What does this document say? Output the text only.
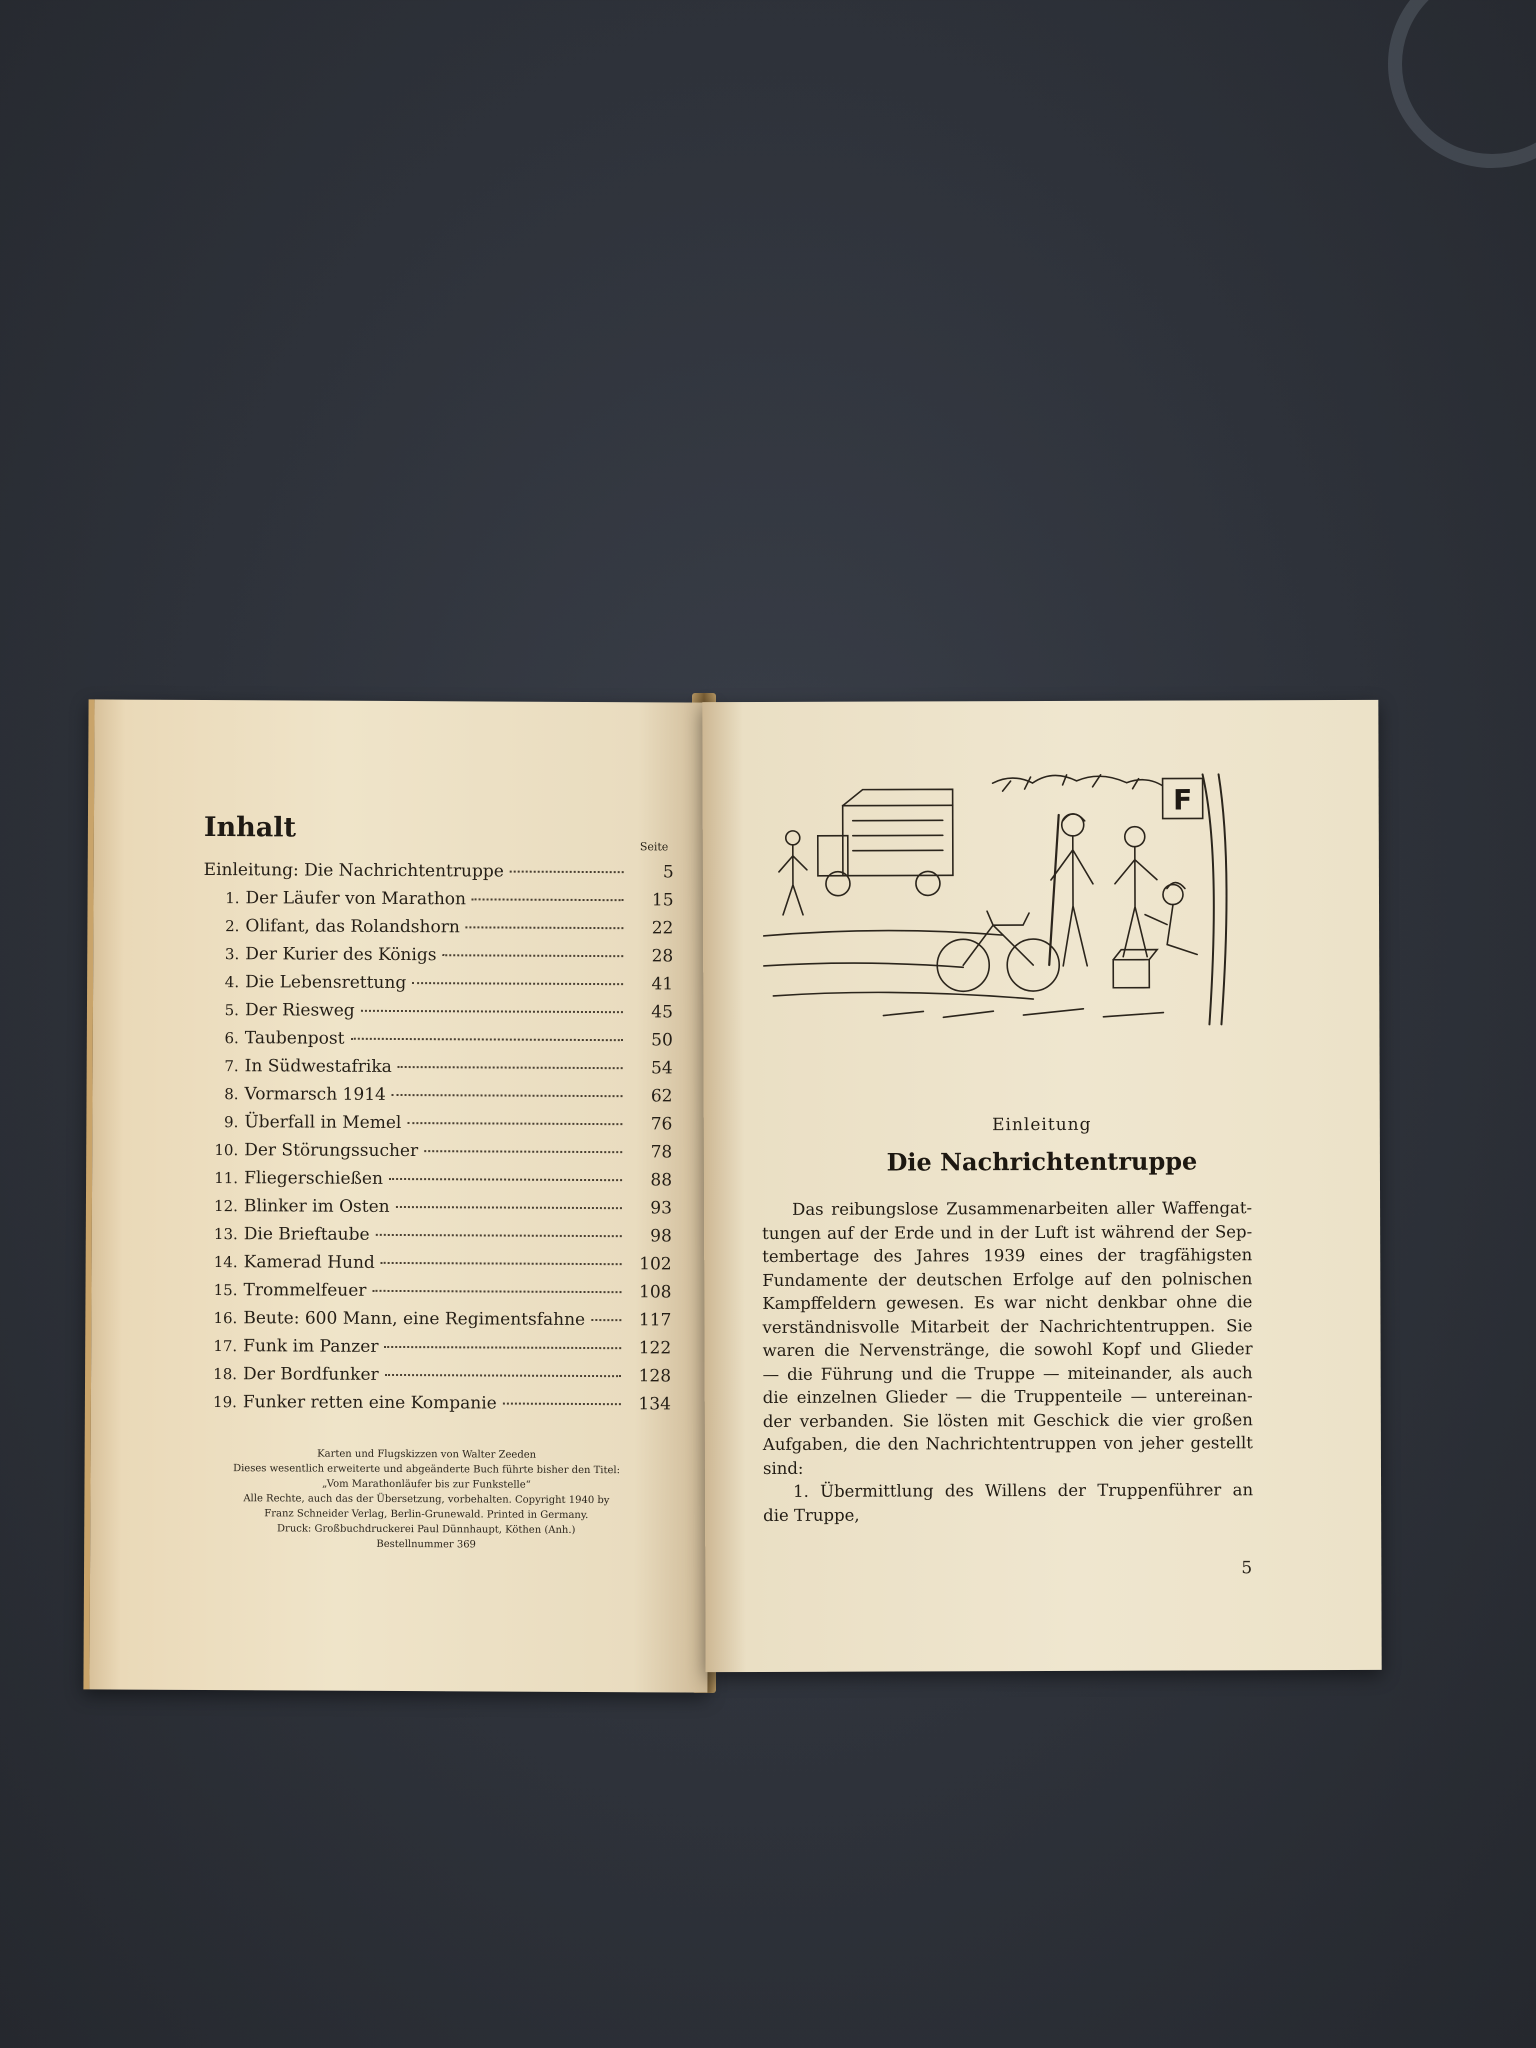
Inhalt
Seite
Einleitung: Die Nachrichtentruppe	5
1. Der Läufer von Marathon	15
2. Olifant, das Rolandshorn	22
3. Der Kurier des Königs	28
4. Die Lebensrettung	41
5. Der Riesweg	45
6. Taubenpost	50
7. In Südwestafrika	54
8. Vormarsch 1914	62
9. Überfall in Memel	76
10. Der Störungssucher	78
11. Fliegerschießen	88
12. Blinker im Osten	93
13. Die Brieftaube	98
14. Kamerad Hund	102
15. Trommelfeuer	108
16. Beute: 600 Mann, eine Regimentsfahne	117
17. Funk im Panzer	122
18. Der Bordfunker	128
19. Funker retten eine Kompanie	134
Karten und Flugskizzen von Walter Zeeden
Dieses wesentlich erweiterte und abgeänderte Buch führte bisher den Titel:
„Vom Marathonläufer bis zur Funkstelle“
Alle Rechte, auch das der Übersetzung, vorbehalten. Copyright 1940 by
Franz Schneider Verlag, Berlin-Grunewald. Printed in Germany.
Druck: Großbuchdruckerei Paul Dünnhaupt, Köthen (Anh.)
Bestellnummer 369
F
Einleitung
Die Nachrichtentruppe
Das reibungslose Zusammenarbeiten aller Waffengat-
tungen auf der Erde und in der Luft ist während der Sep-
tembertage des Jahres 1939 eines der tragfähigsten
Fundamente der deutschen Erfolge auf den polnischen
Kampffeldern gewesen. Es war nicht denkbar ohne die
verständnisvolle Mitarbeit der Nachrichtentruppen. Sie
waren die Nervenstränge, die sowohl Kopf und Glieder
— die Führung und die Truppe — miteinander, als auch
die einzelnen Glieder — die Truppenteile — untereinan-
der verbanden. Sie lösten mit Geschick die vier großen
Aufgaben, die den Nachrichtentruppen von jeher gestellt
sind:
1. Übermittlung des Willens der Truppenführer an
die Truppe,
5
